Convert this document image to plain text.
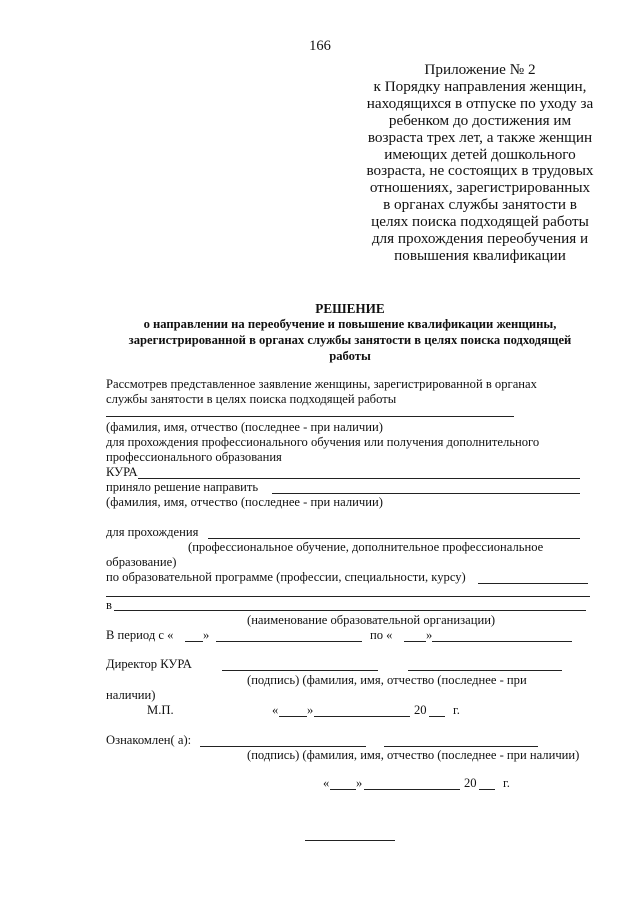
166
Приложение № 2
к Порядку направления женщин,
находящихся в отпуске по уходу за
ребенком до достижения им
возраста трех лет, а также женщин
имеющих детей дошкольного
возраста, не состоящих в трудовых
отношениях, зарегистрированных
в органах службы занятости в
целях поиска подходящей работы
для прохождения переобучения и
повышения квалификации
РЕШЕНИЕ
о направлении на переобучение и повышение квалификации женщины,
зарегистрированной в органах службы занятости в целях поиска подходящей
работы
Рассмотрев представленное заявление женщины, зарегистрированной в органах
службы занятости в целях поиска подходящей работы
(фамилия, имя, отчество (последнее - при наличии)
для прохождения профессионального обучения или получения дополнительного
профессионального образования
КУРА
приняло решение направить
(фамилия, имя, отчество (последнее - при наличии)
для прохождения
(профессиональное обучение, дополнительное профессиональное
образование)
по образовательной программе (профессии, специальности, курсу)
в
(наименование образовательной организации)
В период с « »	по «	»
Директор КУРА
(подпись) (фамилия, имя, отчество (последнее - при
наличии)
М.П.	« »	20 г.
Ознакомлен( а):
(подпись) (фамилия, имя, отчество (последнее - при наличии)
« »	20 г.
